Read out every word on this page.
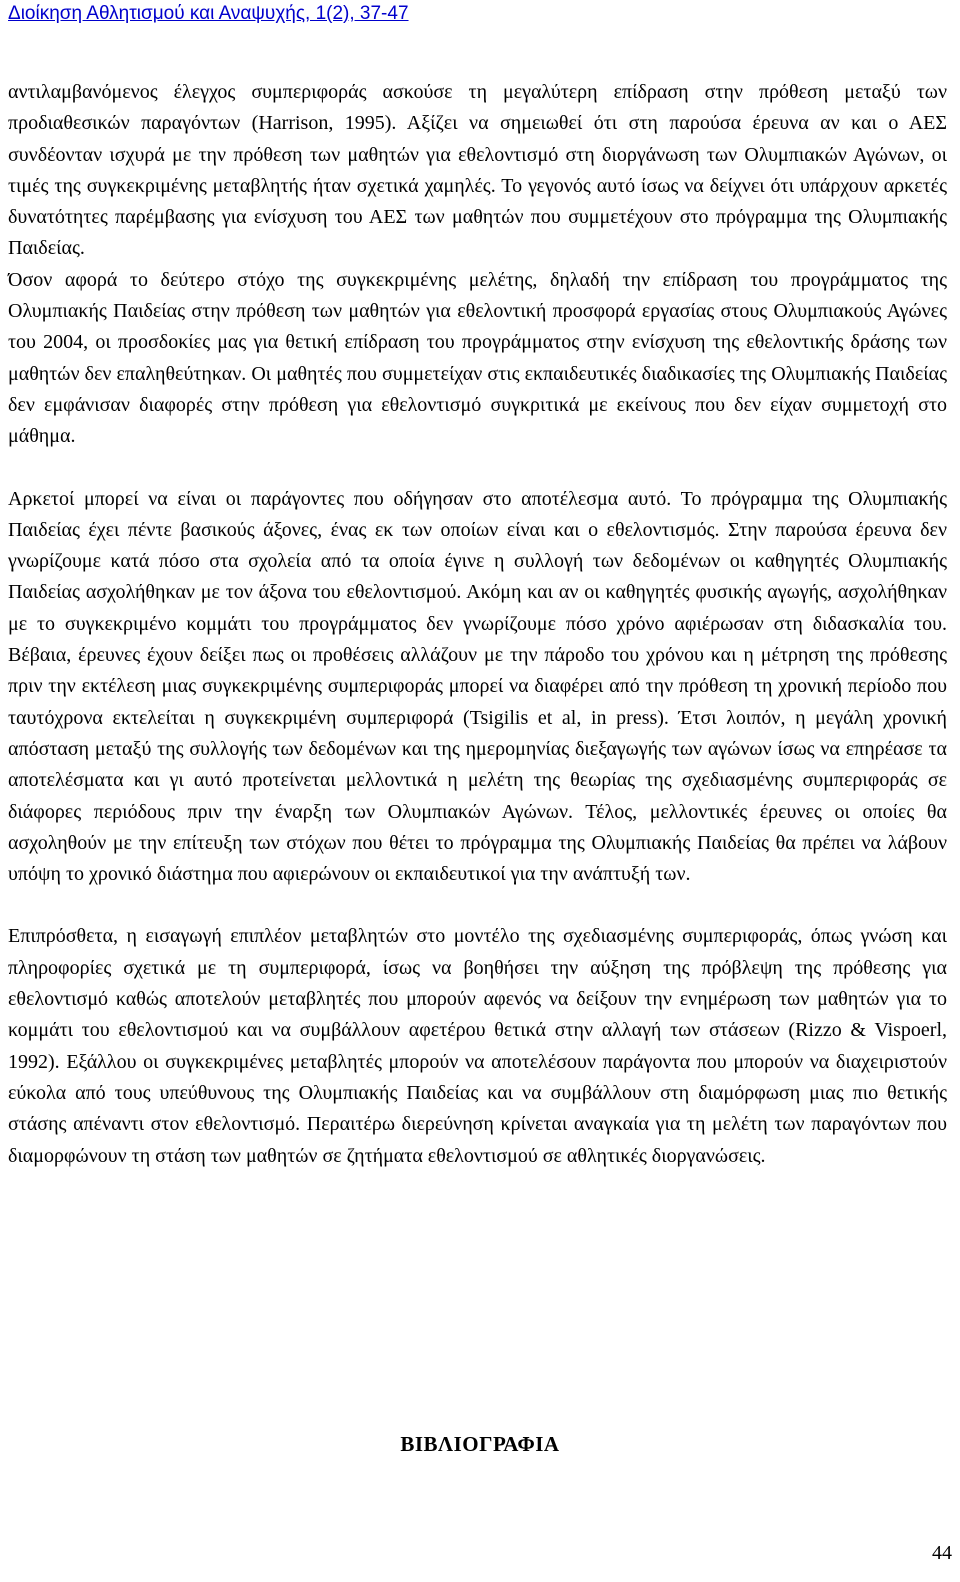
Διοίκηση Αθλητισμού και Αναψυχής, 1(2), 37-47

αντιλαμβανόμενος έλεγχος συμπεριφοράς ασκούσε τη μεγαλύτερη επίδραση στην πρόθεση μεταξύ των προδιαθεσικών παραγόντων (Harrison, 1995). Αξίζει να σημειωθεί ότι στη παρούσα έρευνα αν και ο ΑΕΣ συνδέονταν ισχυρά με την πρόθεση των μαθητών για εθελοντισμό στη διοργάνωση των Ολυμπιακών Αγώνων, οι τιμές της συγκεκριμένης μεταβλητής ήταν σχετικά χαμηλές. Το γεγονός αυτό ίσως να δείχνει ότι υπάρχουν αρκετές δυνατότητες παρέμβασης για ενίσχυση του ΑΕΣ των μαθητών που συμμετέχουν στο πρόγραμμα της Ολυμπιακής Παιδείας.

Όσον αφορά το δεύτερο στόχο της συγκεκριμένης μελέτης, δηλαδή την επίδραση του προγράμματος της Ολυμπιακής Παιδείας στην πρόθεση των μαθητών για εθελοντική προσφορά εργασίας στους Ολυμπιακούς Αγώνες του 2004, οι προσδοκίες μας για θετική επίδραση του προγράμματος στην ενίσχυση της εθελοντικής δράσης των μαθητών δεν επαληθεύτηκαν. Οι μαθητές που συμμετείχαν στις εκπαιδευτικές διαδικασίες της Ολυμπιακής Παιδείας δεν εμφάνισαν διαφορές στην πρόθεση για εθελοντισμό συγκριτικά με εκείνους που δεν είχαν συμμετοχή στο μάθημα.

Αρκετοί μπορεί να είναι οι παράγοντες που οδήγησαν στο αποτέλεσμα αυτό. Το πρόγραμμα της Ολυμπιακής Παιδείας έχει πέντε βασικούς άξονες, ένας εκ των οποίων είναι και ο εθελοντισμός. Στην παρούσα έρευνα δεν γνωρίζουμε κατά πόσο στα σχολεία από τα οποία έγινε η συλλογή των δεδομένων οι καθηγητές Ολυμπιακής Παιδείας ασχολήθηκαν με τον άξονα του εθελοντισμού. Ακόμη και αν οι καθηγητές φυσικής αγωγής, ασχολήθηκαν με το συγκεκριμένο κομμάτι του προγράμματος δεν γνωρίζουμε πόσο χρόνο αφιέρωσαν στη διδασκαλία του. Βέβαια, έρευνες έχουν δείξει πως οι προθέσεις αλλάζουν με την πάροδο του χρόνου και η μέτρηση της πρόθεσης πριν την εκτέλεση μιας συγκεκριμένης συμπεριφοράς μπορεί να διαφέρει από την πρόθεση τη χρονική περίοδο που ταυτόχρονα εκτελείται η συγκεκριμένη συμπεριφορά (Tsigilis et al, in press). Έτσι λοιπόν, η μεγάλη χρονική απόσταση μεταξύ της συλλογής των δεδομένων και της ημερομηνίας διεξαγωγής των αγώνων ίσως να επηρέασε τα αποτελέσματα και γι αυτό προτείνεται μελλοντικά η μελέτη της θεωρίας της σχεδιασμένης συμπεριφοράς σε διάφορες περιόδους πριν την έναρξη των Ολυμπιακών Αγώνων. Τέλος, μελλοντικές έρευνες οι οποίες θα ασχοληθούν με την επίτευξη των στόχων που θέτει το πρόγραμμα της Ολυμπιακής Παιδείας θα πρέπει να λάβουν υπόψη το χρονικό διάστημα που αφιερώνουν οι εκπαιδευτικοί για την ανάπτυξή των.

Επιπρόσθετα, η εισαγωγή επιπλέον μεταβλητών στο μοντέλο της σχεδιασμένης συμπεριφοράς, όπως γνώση και πληροφορίες σχετικά με τη συμπεριφορά, ίσως να βοηθήσει την αύξηση της πρόβλεψη της πρόθεσης για εθελοντισμό καθώς αποτελούν μεταβλητές που μπορούν αφενός να δείξουν την ενημέρωση των μαθητών για το κομμάτι του εθελοντισμού και να συμβάλλουν αφετέρου θετικά στην αλλαγή των στάσεων (Rizzo & Vispoerl, 1992). Εξάλλου οι συγκεκριμένες μεταβλητές μπορούν να αποτελέσουν παράγοντα που μπορούν να διαχειριστούν εύκολα από τους υπεύθυνους της Ολυμπιακής Παιδείας και να συμβάλλουν στη διαμόρφωση μιας πιο θετικής στάσης απέναντι στον εθελοντισμό. Περαιτέρω διερεύνηση κρίνεται αναγκαία για τη μελέτη των παραγόντων που διαμορφώνουν τη στάση των μαθητών σε ζητήματα εθελοντισμού σε αθλητικές διοργανώσεις.

ΒΙΒΛΙΟΓΡΑΦΙΑ
44
